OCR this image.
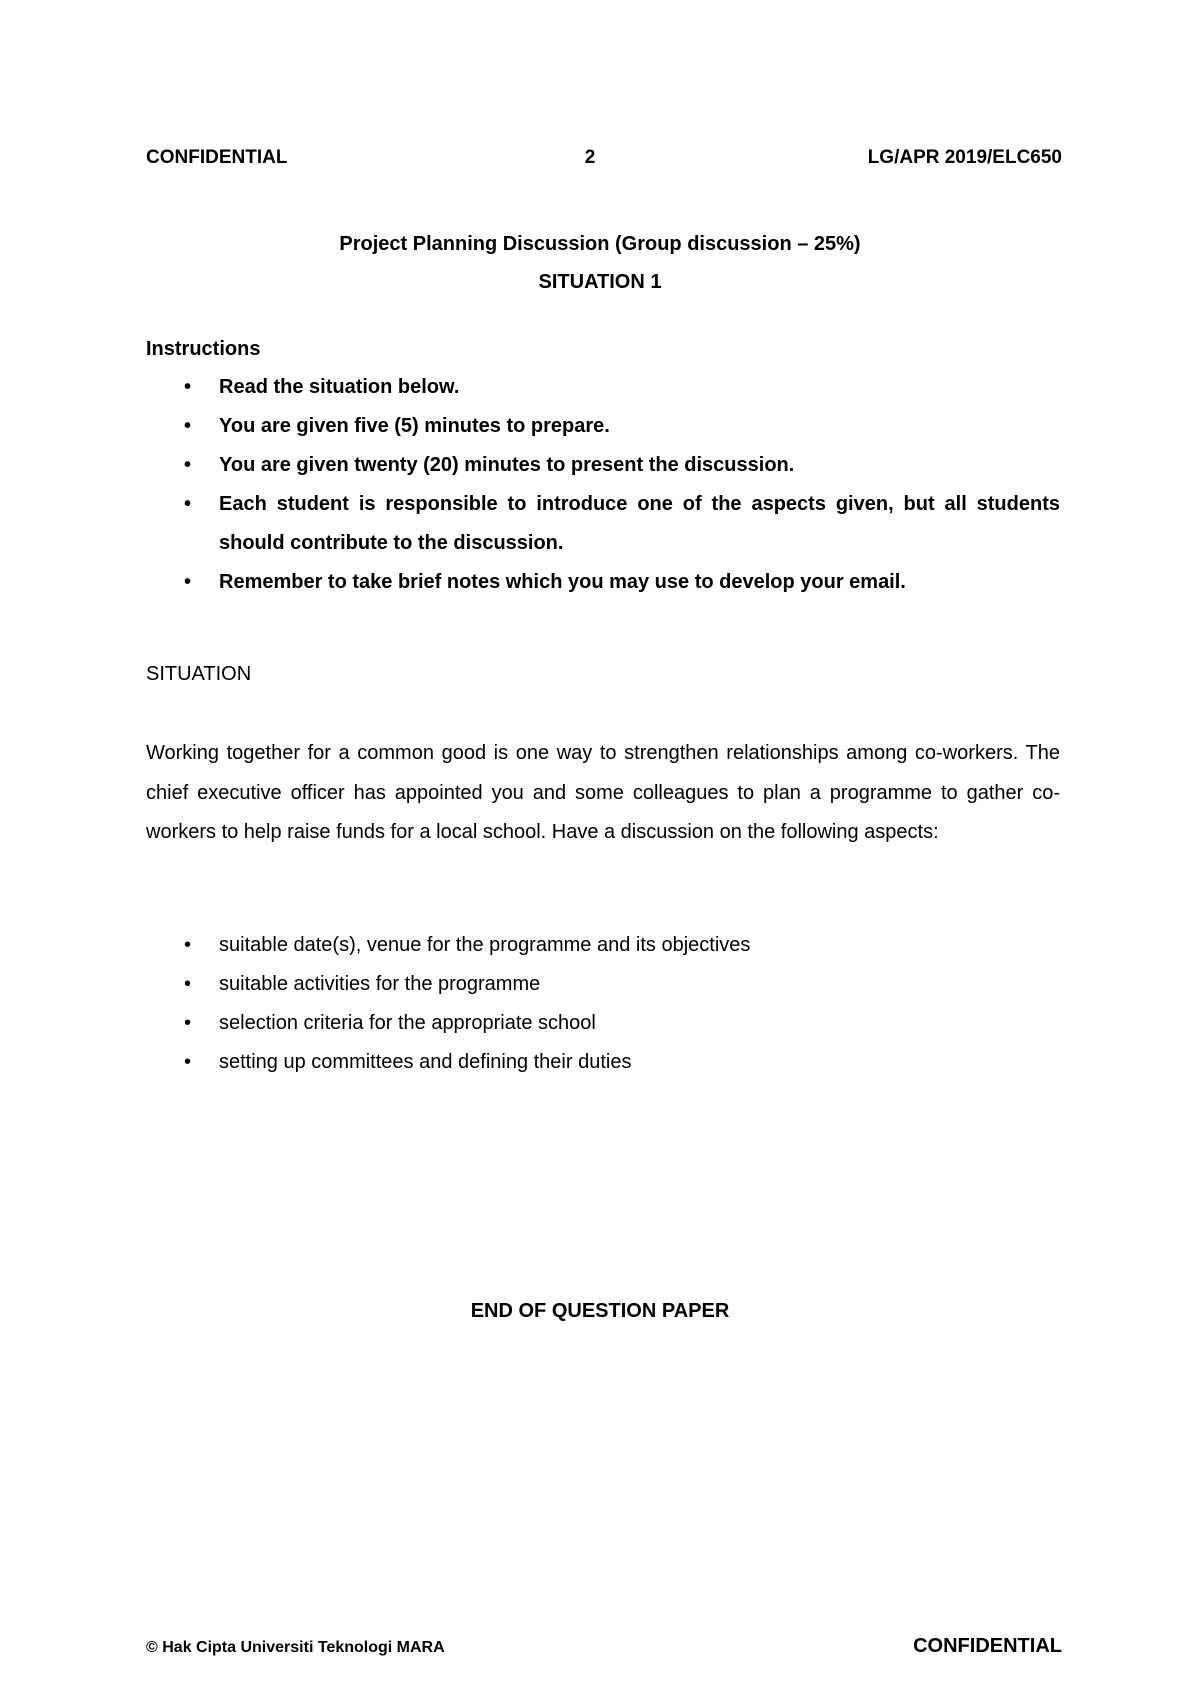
CONFIDENTIAL	2	LG/APR 2019/ELC650
Project Planning Discussion (Group discussion – 25%)
SITUATION 1
Instructions
• Read the situation below.
• You are given five (5) minutes to prepare.
• You are given twenty (20) minutes to present the discussion.
• Each student is responsible to introduce one of the aspects given, but all students should contribute to the discussion.
• Remember to take brief notes which you may use to develop your email.
SITUATION

Working together for a common good is one way to strengthen relationships among co-workers. The chief executive officer has appointed you and some colleagues to plan a programme to gather co-workers to help raise funds for a local school. Have a discussion on the following aspects:

• suitable date(s), venue for the programme and its objectives
• suitable activities for the programme
• selection criteria for the appropriate school
• setting up committees and defining their duties
END OF QUESTION PAPER
© Hak Cipta Universiti Teknologi MARA	CONFIDENTIAL
